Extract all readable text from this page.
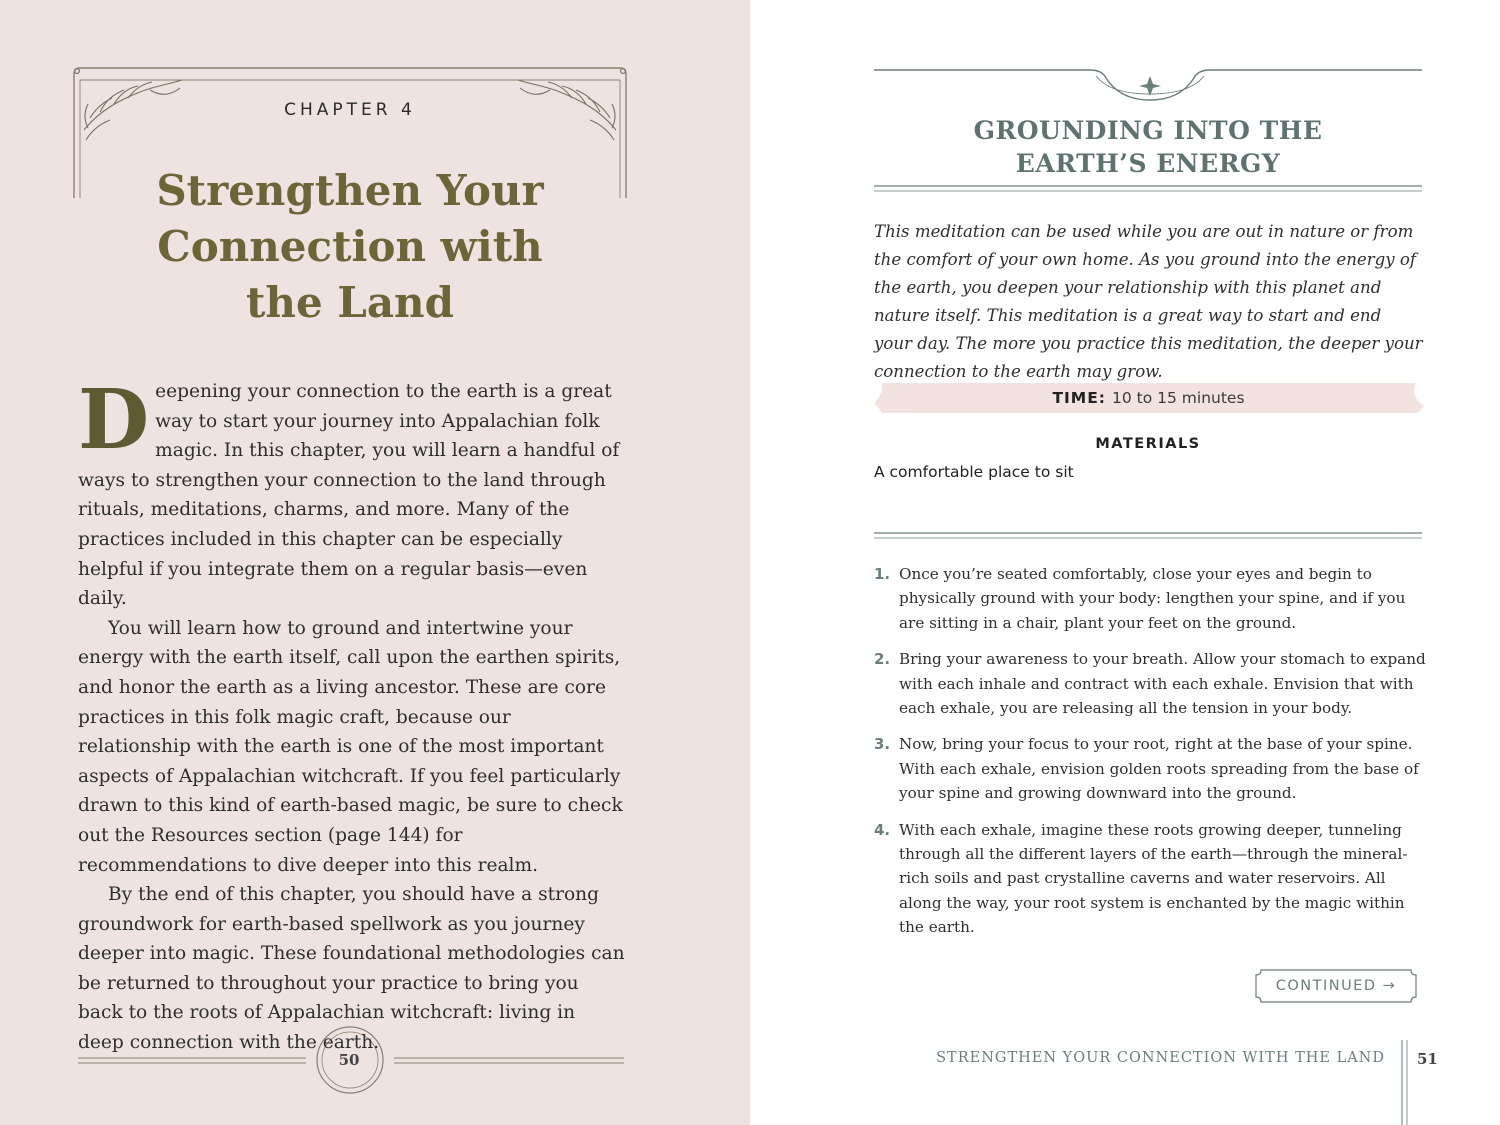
CHAPTER 4
Strengthen Your
Connection with
the Land

Deepening your connection to the earth is a great way to start your journey into Appalachian folk magic. In this chapter, you will learn a handful of ways to strengthen your connection to the land through rituals, meditations, charms, and more. Many of the practices included in this chapter can be especially helpful if you integrate them on a regular basis—even daily.

You will learn how to ground and intertwine your energy with the earth itself, call upon the earthen spirits, and honor the earth as a living ancestor. These are core practices in this folk magic craft, because our relationship with the earth is one of the most important aspects of Appalachian witchcraft. If you feel particularly drawn to this kind of earth-based magic, be sure to check out the Resources section (page 144) for recommendations to dive deeper into this realm.

By the end of this chapter, you should have a strong groundwork for earth-based spellwork as you journey deeper into magic. These foundational methodologies can be returned to throughout your practice to bring you back to the roots of Appalachian witchcraft: living in deep connection with the earth.

50
GROUNDING INTO THE
EARTH’S ENERGY

This meditation can be used while you are out in nature or from the comfort of your own home. As you ground into the energy of the earth, you deepen your relationship with this planet and nature itself. This meditation is a great way to start and end your day. The more you practice this meditation, the deeper your connection to the earth may grow.

TIME: 10 to 15 minutes
MATERIALS
A comfortable place to sit
1. Once you’re seated comfortably, close your eyes and begin to physically ground with your body: lengthen your spine, and if you are sitting in a chair, plant your feet on the ground.
2. Bring your awareness to your breath. Allow your stomach to expand with each inhale and contract with each exhale. Envision that with each exhale, you are releasing all the tension in your body.
3. Now, bring your focus to your root, right at the base of your spine. With each exhale, envision golden roots spreading from the base of your spine and growing downward into the ground.
4. With each exhale, imagine these roots growing deeper, tunneling through all the different layers of the earth—through the mineral-rich soils and past crystalline caverns and water reservoirs. All along the way, your root system is enchanted by the magic within the earth.
CONTINUED →
STRENGTHEN YOUR CONNECTION WITH THE LAND 51
